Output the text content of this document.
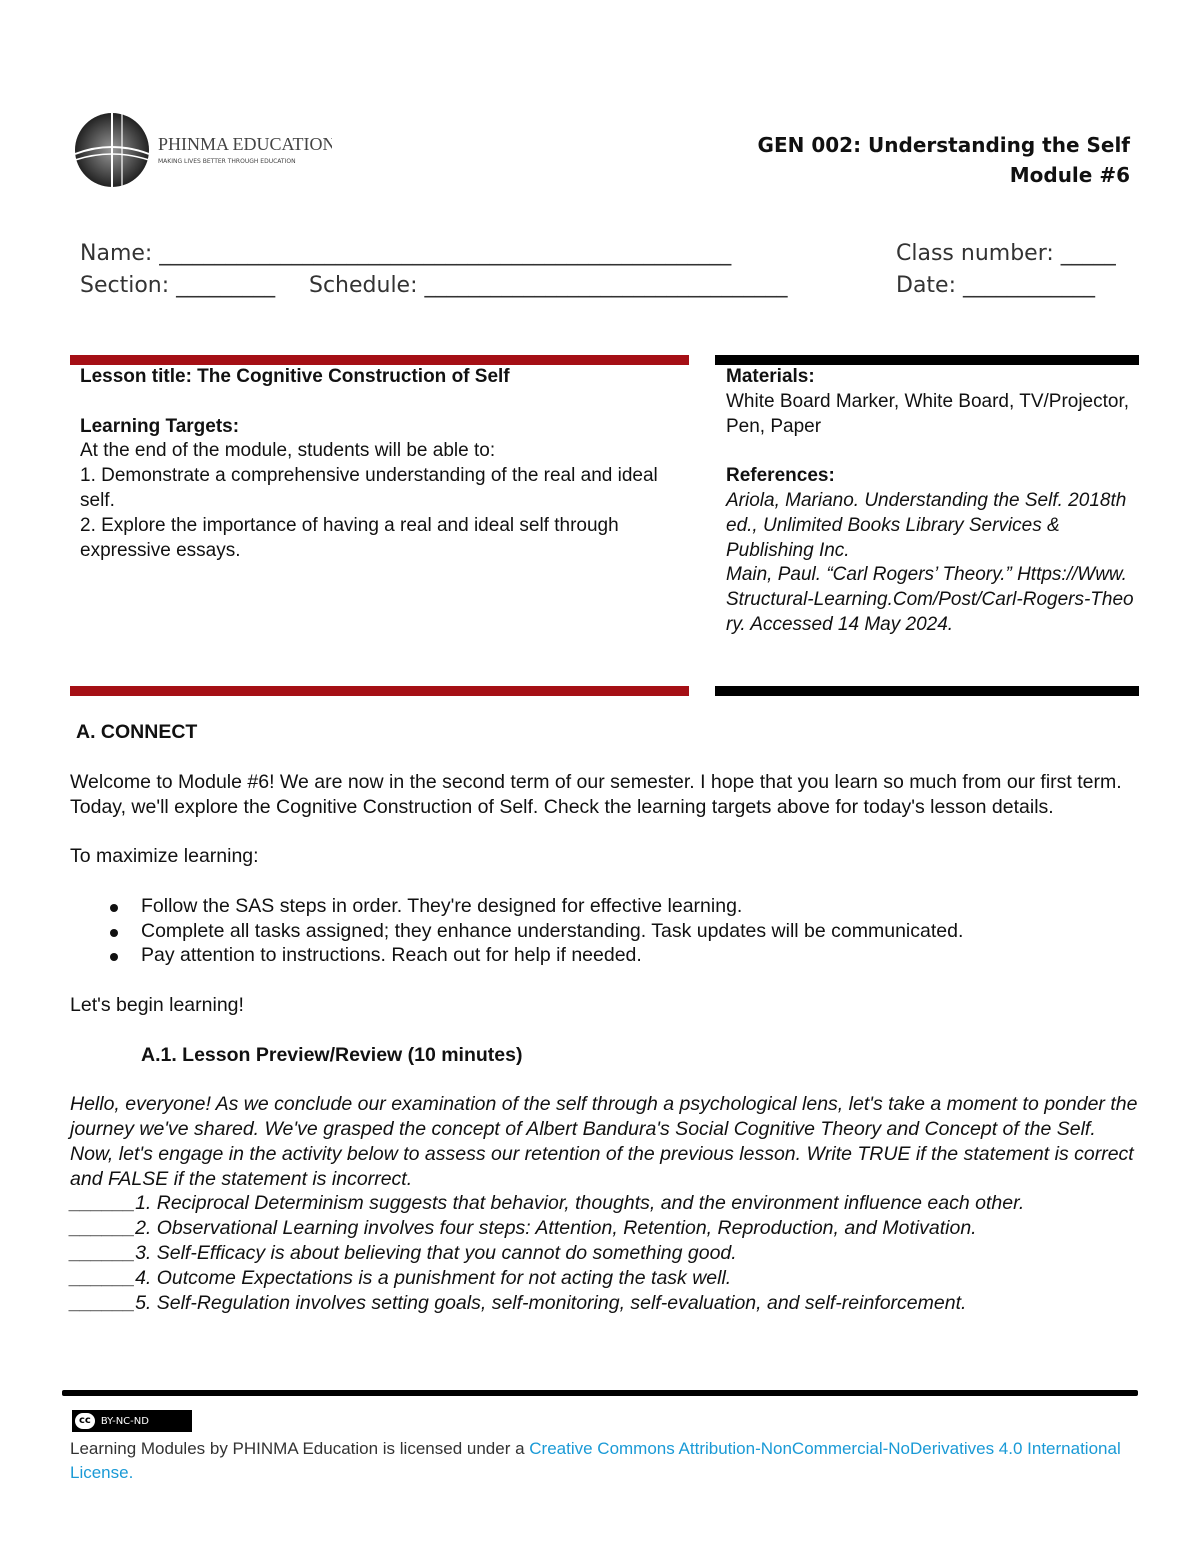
PHINMA EDUCATION
MAKING LIVES BETTER THROUGH EDUCATION
GEN 002: Understanding the Self
Module #6
Name: ____________________________________________________	Class number: _____
Section: _________ Schedule: _________________________________	Date: ____________

Lesson title: The Cognitive Construction of Self

Learning Targets:

At the end of the module, students will be able to:

1. Demonstrate a comprehensive understanding of the real and ideal self.

2. Explore the importance of having a real and ideal self through expressive essays.

Materials:

White Board Marker, White Board, TV/Projector, Pen, Paper

References:

Ariola, Mariano. Understanding the Self. 2018th ed., Unlimited Books Library Services & Publishing Inc.

Main, Paul. “Carl Rogers’ Theory.” Https://Www.Structural-Learning.Com/Post/Carl-Rogers-Theory. Accessed 14 May 2024.

A. CONNECT

Welcome to Module #6! We are now in the second term of our semester. I hope that you learn so much from our first term. Today, we'll explore the Cognitive Construction of Self. Check the learning targets above for today's lesson details.

To maximize learning:

Follow the SAS steps in order. They're designed for effective learning.
Complete all tasks assigned; they enhance understanding. Task updates will be communicated.
Pay attention to instructions. Reach out for help if needed.

Let's begin learning!

A.1. Lesson Preview/Review (10 minutes)

Hello, everyone! As we conclude our examination of the self through a psychological lens, let's take a moment to ponder the journey we've shared. We've grasped the concept of Albert Bandura's Social Cognitive Theory and Concept of the Self. Now, let's engage in the activity below to assess our retention of the previous lesson. Write TRUE if the statement is correct and FALSE if the statement is incorrect.

______1. Reciprocal Determinism suggests that behavior, thoughts, and the environment influence each other.

______2. Observational Learning involves four steps: Attention, Retention, Reproduction, and Motivation.

______3. Self-Efficacy is about believing that you cannot do something good.

______4. Outcome Expectations is a punishment for not acting the task well.

______5. Self-Regulation involves setting goals, self-monitoring, self-evaluation, and self-reinforcement.

cc	BY-NC-ND
Learning Modules by PHINMA Education is licensed under a Creative Commons Attribution-NonCommercial-NoDerivatives 4.0 International License.
